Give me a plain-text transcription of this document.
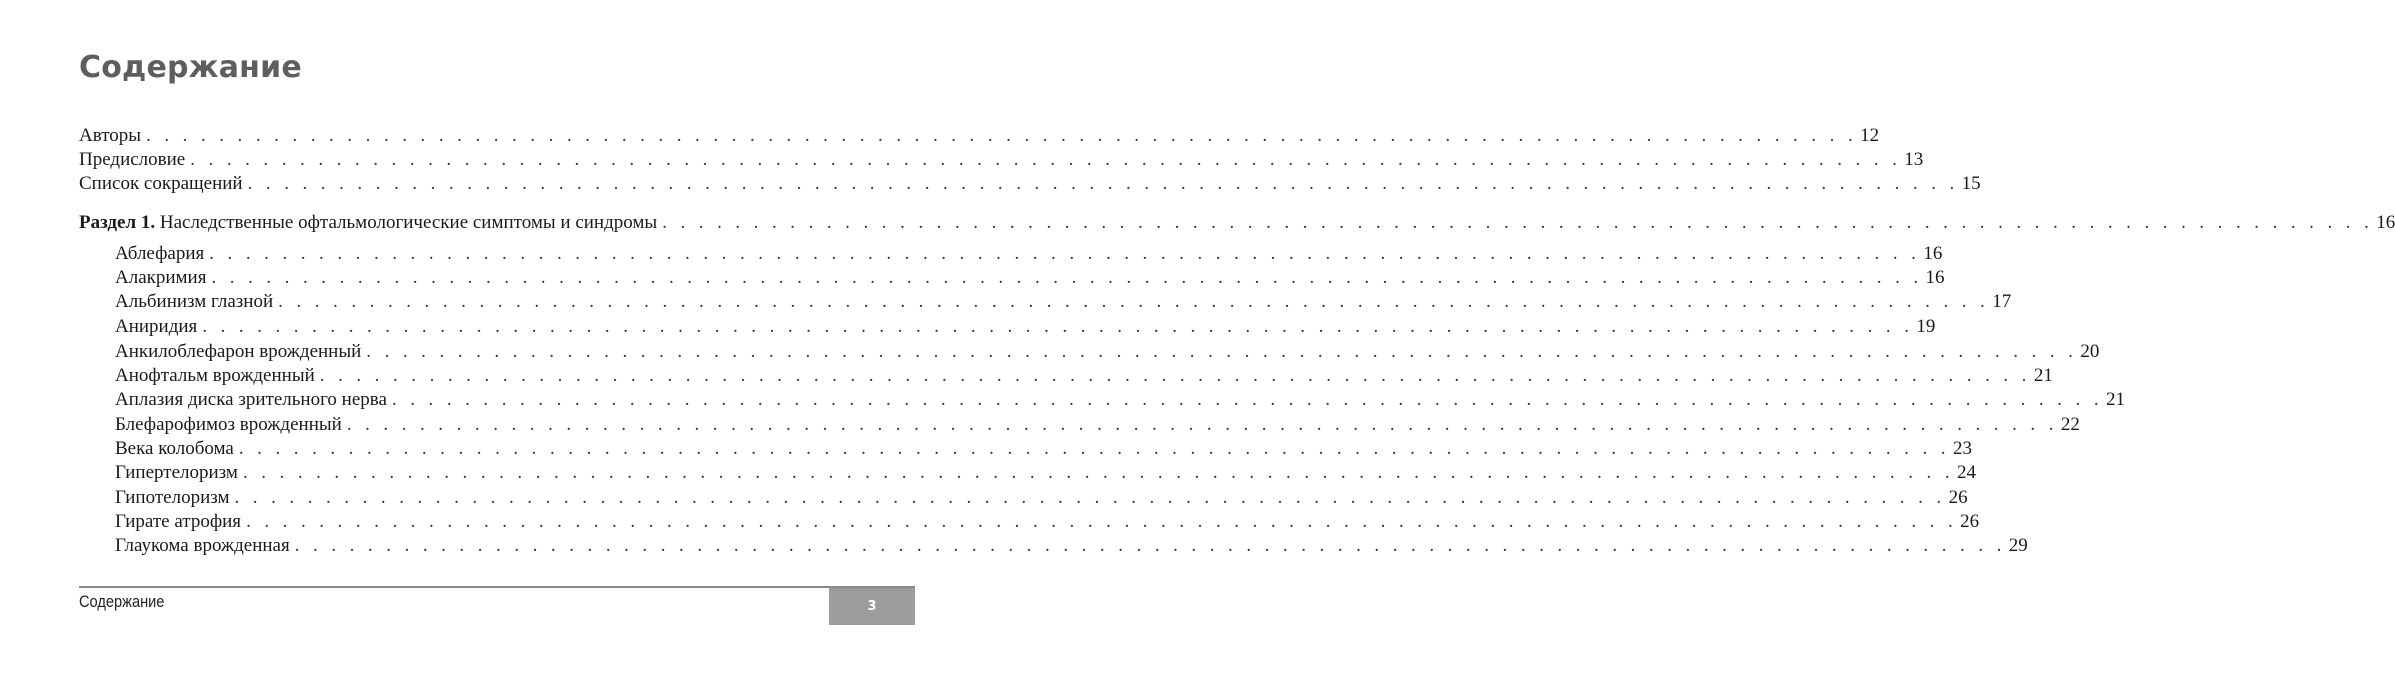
Содержание
Авторы . . . . . . . . . . . . . . . . . . . . . . . . . . . . . . . . . . . . . . . . . . . . . . . . . . . . . . . . . . . . . . . . . . . . . . . . . . . . . . . . . . . . . . . . . . . . . . 12
Предисловие . . . . . . . . . . . . . . . . . . . . . . . . . . . . . . . . . . . . . . . . . . . . . . . . . . . . . . . . . . . . . . . . . . . . . . . . . . . . . . . . . . . . . . . . . . . . . . 13
Список сокращений . . . . . . . . . . . . . . . . . . . . . . . . . . . . . . . . . . . . . . . . . . . . . . . . . . . . . . . . . . . . . . . . . . . . . . . . . . . . . . . . . . . . . . . . . . . . . . 15
Раздел 1. Наследственные офтальмологические симптомы и синдромы . . . . . . . . . . . . . . . . . . . . . . . . . . . . . . . . . . . . . . . . . . . . . . . . . . . . . . . . . . . . . . . . . . . . . . . . . . . . . . . . . . . . . . . . . . . . . . 16
Аблефария . . . . . . . . . . . . . . . . . . . . . . . . . . . . . . . . . . . . . . . . . . . . . . . . . . . . . . . . . . . . . . . . . . . . . . . . . . . . . . . . . . . . . . . . . . . . . . 16
Алакримия . . . . . . . . . . . . . . . . . . . . . . . . . . . . . . . . . . . . . . . . . . . . . . . . . . . . . . . . . . . . . . . . . . . . . . . . . . . . . . . . . . . . . . . . . . . . . . 16
Альбинизм глазной . . . . . . . . . . . . . . . . . . . . . . . . . . . . . . . . . . . . . . . . . . . . . . . . . . . . . . . . . . . . . . . . . . . . . . . . . . . . . . . . . . . . . . . . . . . . . . 17
Аниридия . . . . . . . . . . . . . . . . . . . . . . . . . . . . . . . . . . . . . . . . . . . . . . . . . . . . . . . . . . . . . . . . . . . . . . . . . . . . . . . . . . . . . . . . . . . . . . 19
Анкилоблефарон врожденный . . . . . . . . . . . . . . . . . . . . . . . . . . . . . . . . . . . . . . . . . . . . . . . . . . . . . . . . . . . . . . . . . . . . . . . . . . . . . . . . . . . . . . . . . . . . . . 20
Анофтальм врожденный . . . . . . . . . . . . . . . . . . . . . . . . . . . . . . . . . . . . . . . . . . . . . . . . . . . . . . . . . . . . . . . . . . . . . . . . . . . . . . . . . . . . . . . . . . . . . . 21
Аплазия диска зрительного нерва . . . . . . . . . . . . . . . . . . . . . . . . . . . . . . . . . . . . . . . . . . . . . . . . . . . . . . . . . . . . . . . . . . . . . . . . . . . . . . . . . . . . . . . . . . . . . . 21
Блефарофимоз врожденный . . . . . . . . . . . . . . . . . . . . . . . . . . . . . . . . . . . . . . . . . . . . . . . . . . . . . . . . . . . . . . . . . . . . . . . . . . . . . . . . . . . . . . . . . . . . . . 22
Века колобома . . . . . . . . . . . . . . . . . . . . . . . . . . . . . . . . . . . . . . . . . . . . . . . . . . . . . . . . . . . . . . . . . . . . . . . . . . . . . . . . . . . . . . . . . . . . . . 23
Гипертелоризм . . . . . . . . . . . . . . . . . . . . . . . . . . . . . . . . . . . . . . . . . . . . . . . . . . . . . . . . . . . . . . . . . . . . . . . . . . . . . . . . . . . . . . . . . . . . . . 24
Гипотелоризм . . . . . . . . . . . . . . . . . . . . . . . . . . . . . . . . . . . . . . . . . . . . . . . . . . . . . . . . . . . . . . . . . . . . . . . . . . . . . . . . . . . . . . . . . . . . . . 26
Гирате атрофия . . . . . . . . . . . . . . . . . . . . . . . . . . . . . . . . . . . . . . . . . . . . . . . . . . . . . . . . . . . . . . . . . . . . . . . . . . . . . . . . . . . . . . . . . . . . . . 26
Глаукома врожденная . . . . . . . . . . . . . . . . . . . . . . . . . . . . . . . . . . . . . . . . . . . . . . . . . . . . . . . . . . . . . . . . . . . . . . . . . . . . . . . . . . . . . . . . . . . . . . 29
Содержание	3
